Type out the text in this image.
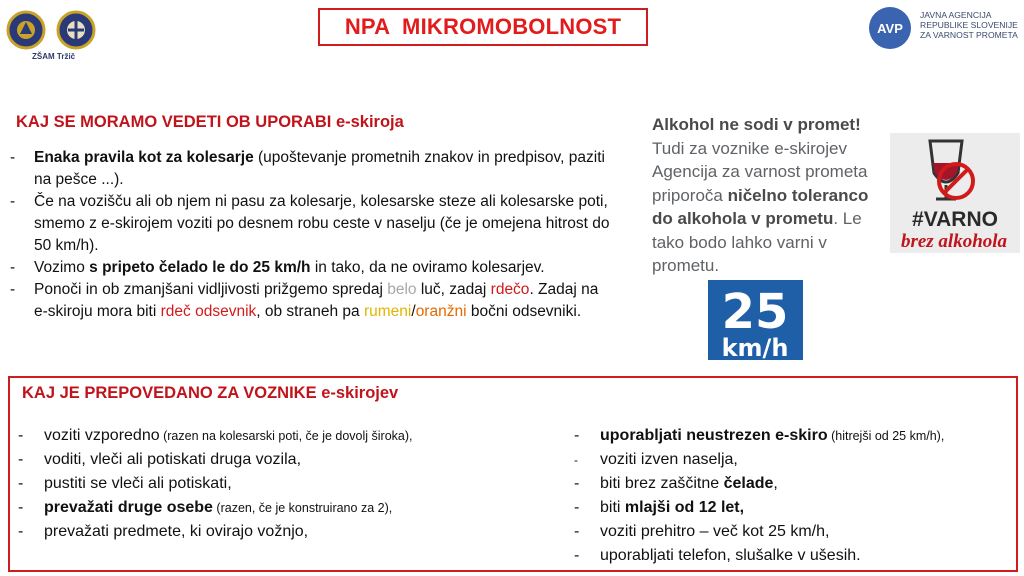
ZŠAM Tržič
NPA  MIKROMOBOLNOST	AVP
JAVNA AGENCIJA
REPUBLIKE SLOVENIJE
ZA VARNOST PROMETA
KAJ SE MORAMO VEDETI OB UPORABI e-skiroja
-	Enaka pravila kot za kolesarje (upoštevanje prometnih znakov in predpisov, paziti na pešce ...).
-	Če na vozišču ali ob njem ni pasu za kolesarje, kolesarske steze ali kolesarske poti, smemo z e-skirojem voziti po desnem robu ceste v naselju (če je omejena hitrost do 50 km/h).
-	Vozimo s pripeto čelado le do 25 km/h in tako, da ne oviramo kolesarjev.
-	Ponoči in ob zmanjšani vidljivosti prižgemo spredaj belo luč, zadaj rdečo. Zadaj na e-skiroju mora biti rdeč odsevnik, ob straneh pa rumeni/oranžni bočni odsevniki.
Alkohol ne sodi v promet! Tudi za voznike e-skirojev Agencija za varnost prometa priporoča ničelno toleranco do alkohola v prometu. Le tako bodo lahko varni v prometu.
#VARNO
brez alkohola
25
km/h
KAJ JE PREPOVEDANO ZA VOZNIKE e-skirojev
-	voziti vzporedno (razen na kolesarski poti, če je dovolj široka),
-	voditi, vleči ali potiskati druga vozila,
-	pustiti se vleči ali potiskati,
-	prevažati druge osebe (razen, če je konstruirano za 2),
-	prevažati predmete, ki ovirajo vožnjo,
-	uporabljati neustrezen e-skiro (hitrejši od 25 km/h),
-	voziti izven naselja,
-	biti brez zaščitne čelade,
-	biti mlajši od 12 let,
-	voziti prehitro – več kot 25 km/h,
-	uporabljati telefon, slušalke v ušesih.
